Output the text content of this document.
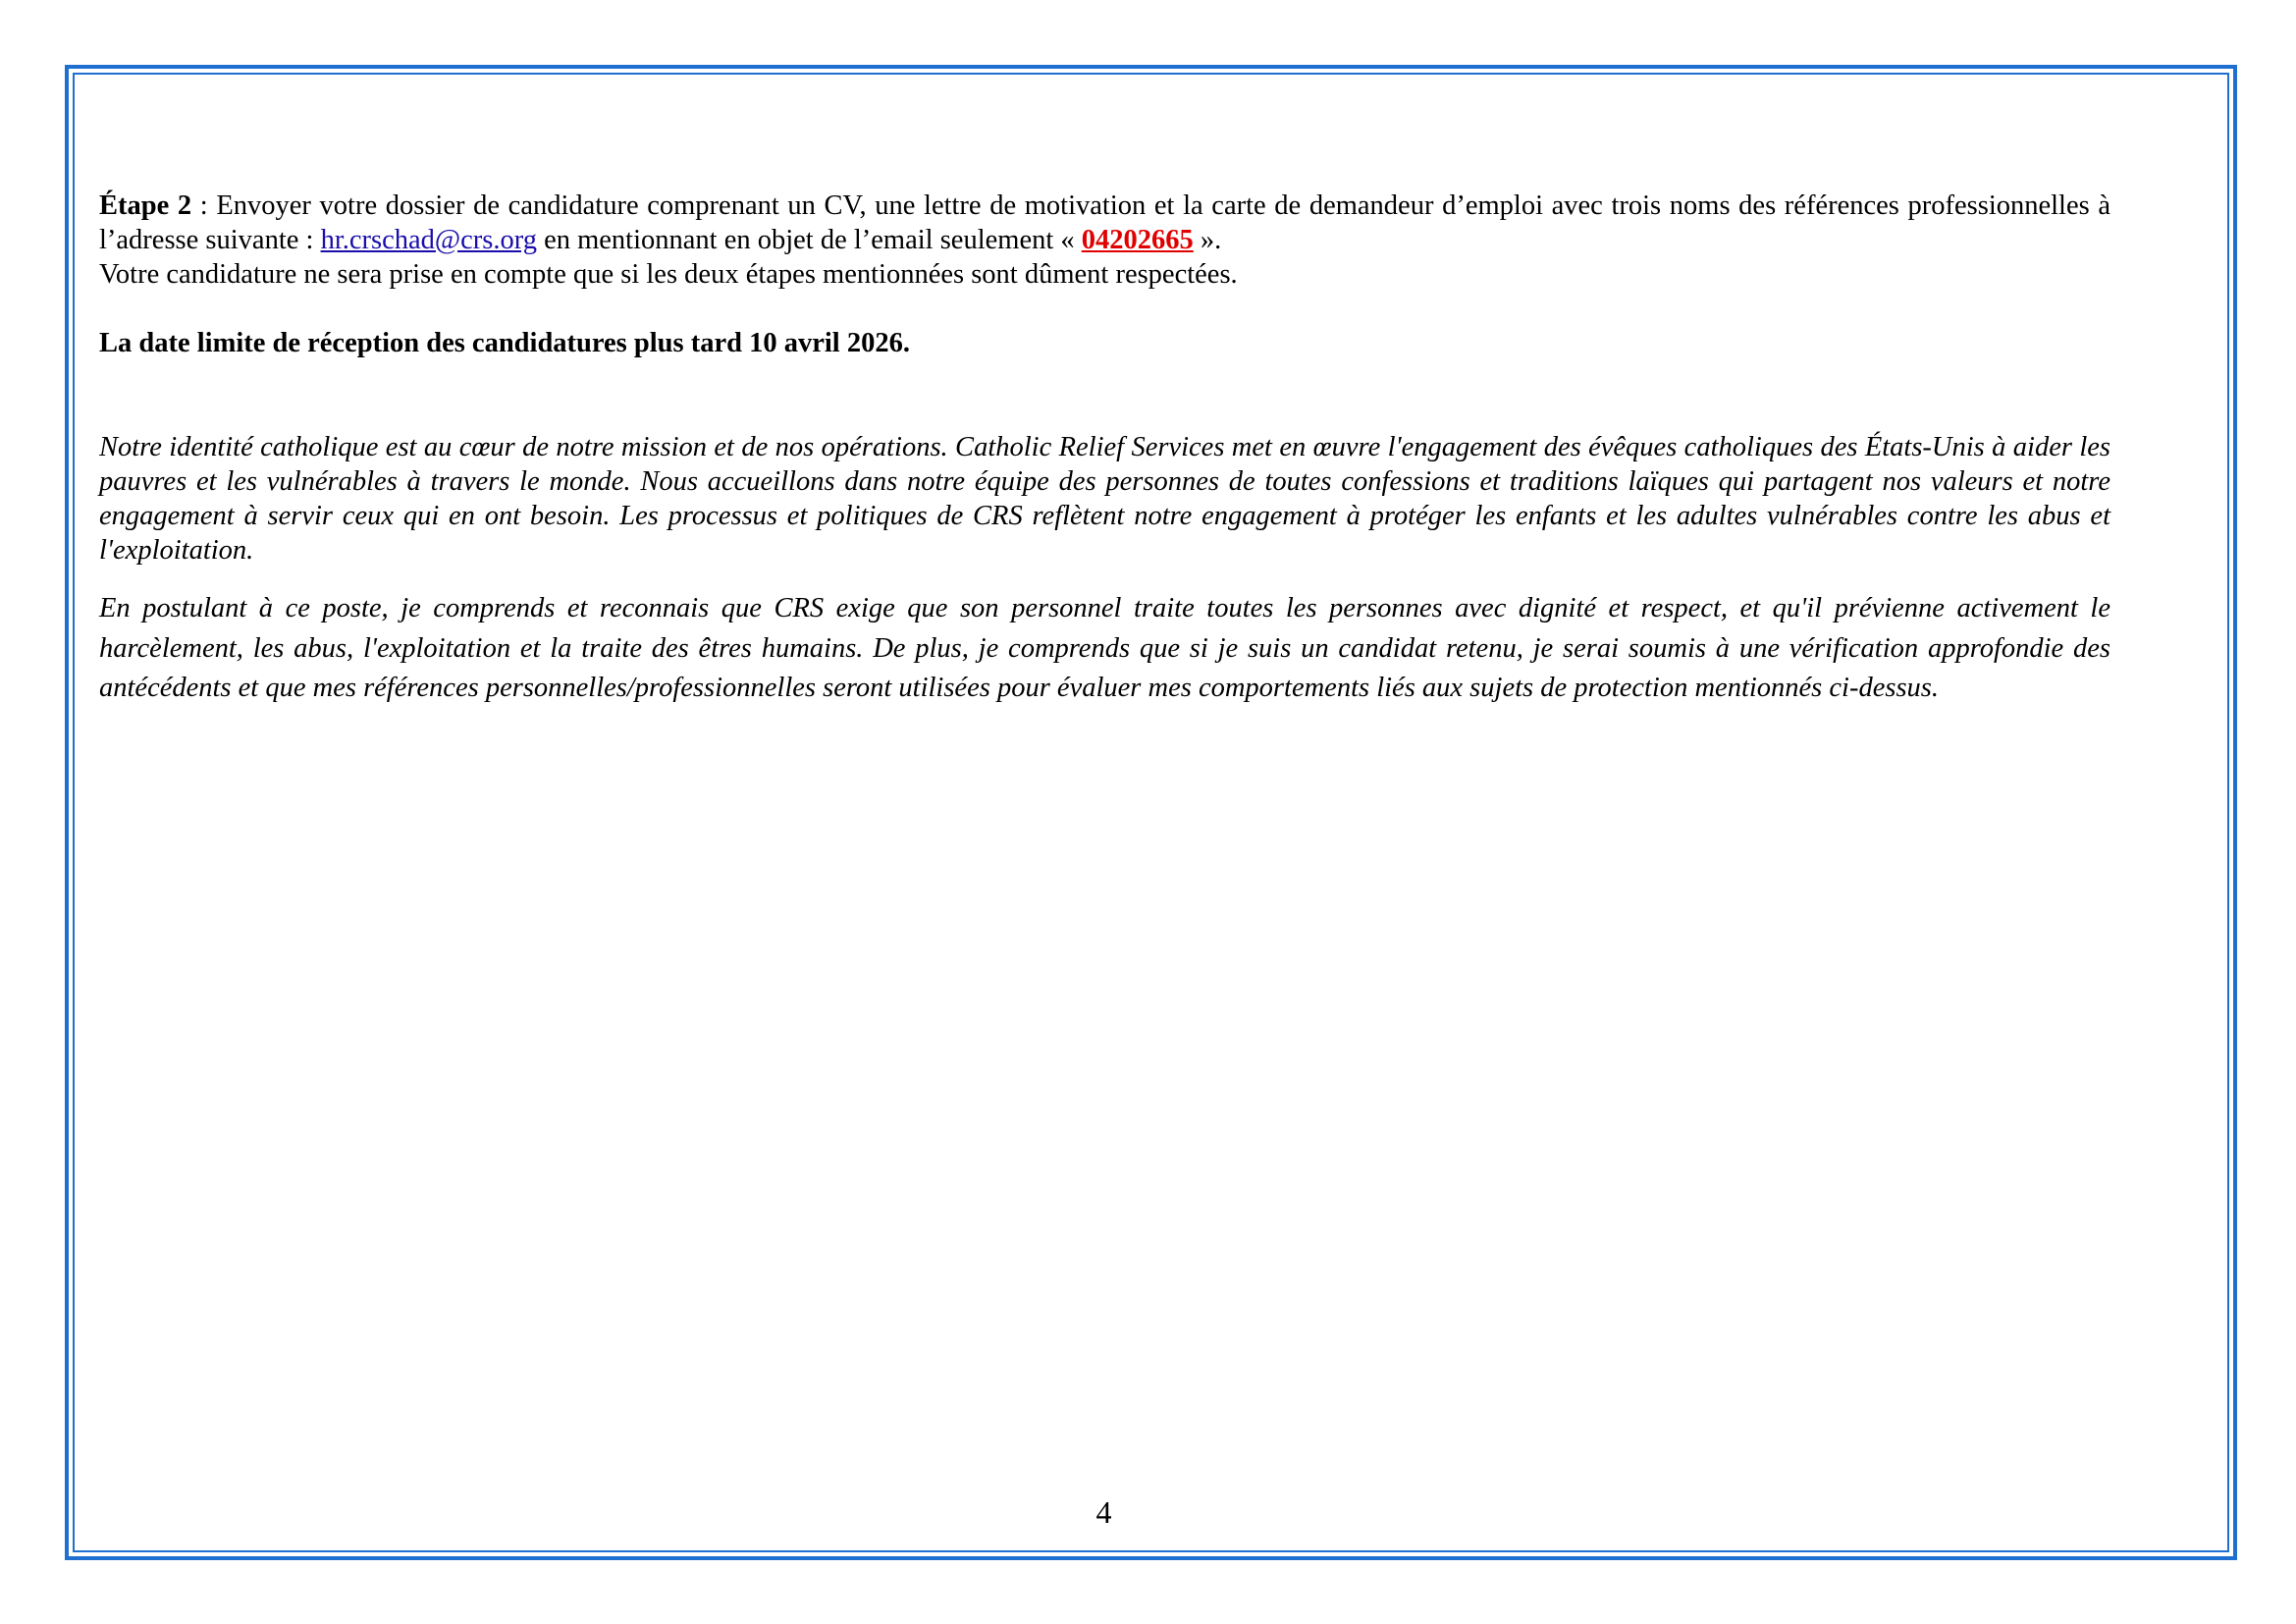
Étape 2 : Envoyer votre dossier de candidature comprenant un CV, une lettre de motivation et la carte de demandeur d’emploi avec trois noms des références professionnelles à l’adresse suivante : hr.crschad@crs.org en mentionnant en objet de l’email seulement « 04202665 ».

Votre candidature ne sera prise en compte que si les deux étapes mentionnées sont dûment respectées.

La date limite de réception des candidatures plus tard 10 avril 2026.

Notre identité catholique est au cœur de notre mission et de nos opérations. Catholic Relief Services met en œuvre l'engagement des évêques catholiques des États-Unis à aider les pauvres et les vulnérables à travers le monde. Nous accueillons dans notre équipe des personnes de toutes confessions et traditions laïques qui partagent nos valeurs et notre engagement à servir ceux qui en ont besoin. Les processus et politiques de CRS reflètent notre engagement à protéger les enfants et les adultes vulnérables contre les abus et l'exploitation.

En postulant à ce poste, je comprends et reconnais que CRS exige que son personnel traite toutes les personnes avec dignité et respect, et qu'il prévienne activement le harcèlement, les abus, l'exploitation et la traite des êtres humains. De plus, je comprends que si je suis un candidat retenu, je serai soumis à une vérification approfondie des antécédents et que mes références personnelles/professionnelles seront utilisées pour évaluer mes comportements liés aux sujets de protection mentionnés ci-dessus.

4
